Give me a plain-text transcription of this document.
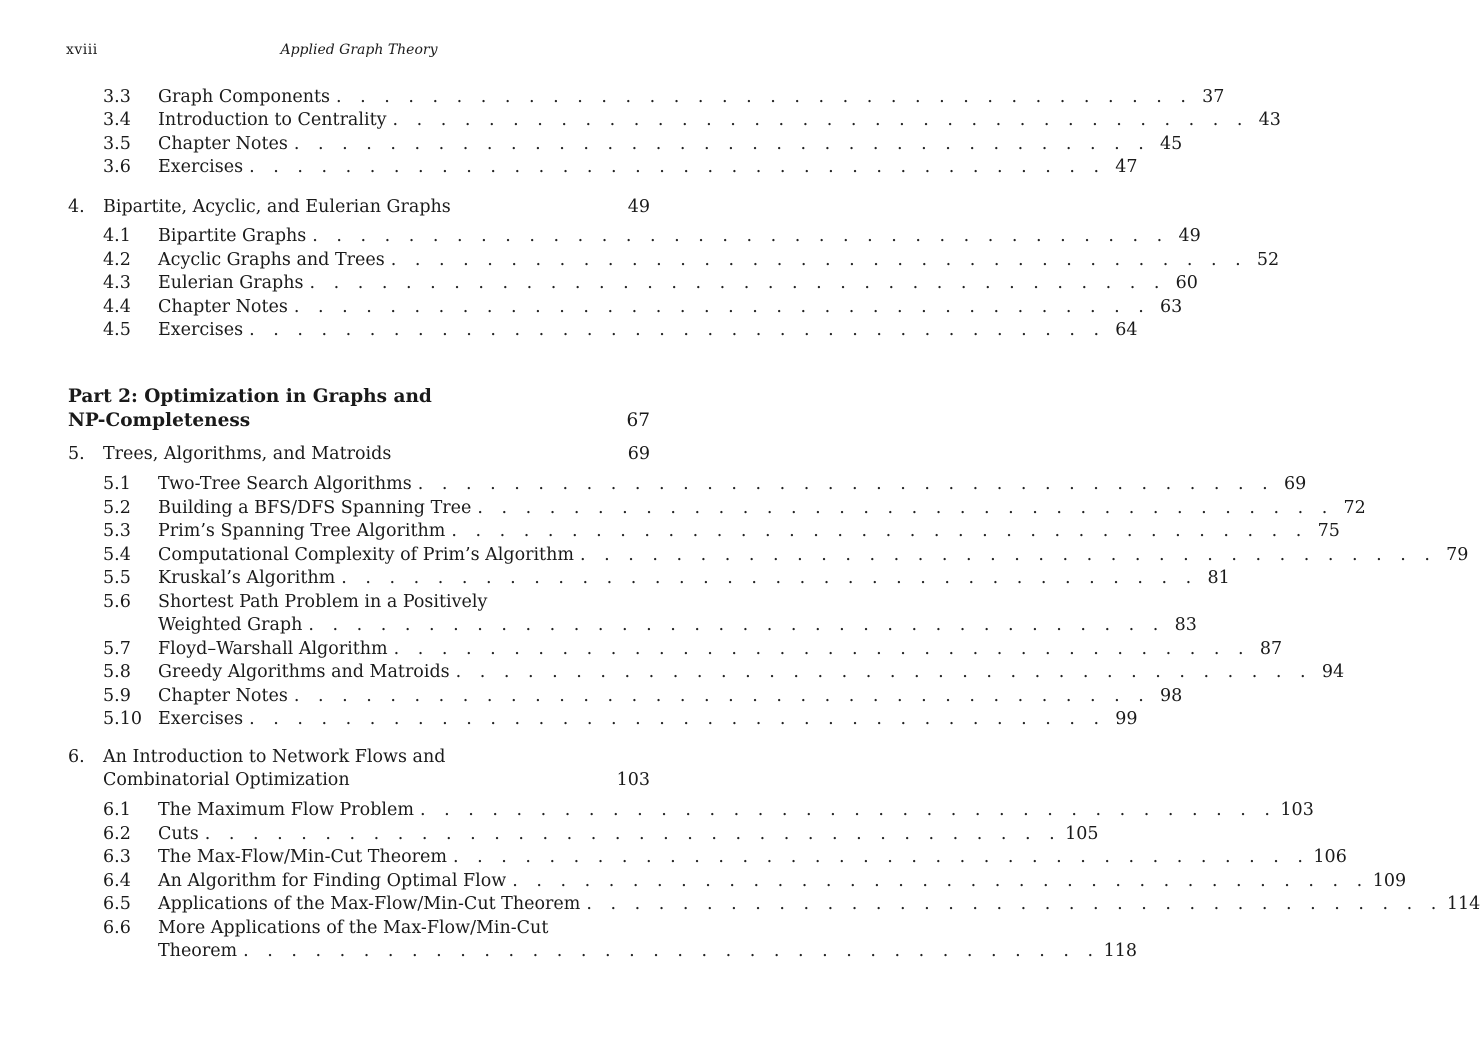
xviii	Applied Graph Theory
3.3 Graph Components . . . . . . . . . . . . . . . . . . . . . . . . . . . . . . . . . . . . 37
3.4 Introduction to Centrality . . . . . . . . . . . . . . . . . . . . . . . . . . . . . . . . . . . . 43
3.5 Chapter Notes . . . . . . . . . . . . . . . . . . . . . . . . . . . . . . . . . . . . 45
3.6 Exercises . . . . . . . . . . . . . . . . . . . . . . . . . . . . . . . . . . . . 47
4. Bipartite, Acyclic, and Eulerian Graphs	49
4.1 Bipartite Graphs . . . . . . . . . . . . . . . . . . . . . . . . . . . . . . . . . . . . 49
4.2 Acyclic Graphs and Trees . . . . . . . . . . . . . . . . . . . . . . . . . . . . . . . . . . . . 52
4.3 Eulerian Graphs . . . . . . . . . . . . . . . . . . . . . . . . . . . . . . . . . . . . 60
4.4 Chapter Notes . . . . . . . . . . . . . . . . . . . . . . . . . . . . . . . . . . . . 63
4.5 Exercises . . . . . . . . . . . . . . . . . . . . . . . . . . . . . . . . . . . . 64
Part 2: Optimization in Graphs and
NP-Completeness	67
5. Trees, Algorithms, and Matroids	69
5.1 Two-Tree Search Algorithms . . . . . . . . . . . . . . . . . . . . . . . . . . . . . . . . . . . . 69
5.2 Building a BFS/DFS Spanning Tree . . . . . . . . . . . . . . . . . . . . . . . . . . . . . . . . . . . . 72
5.3 Prim’s Spanning Tree Algorithm . . . . . . . . . . . . . . . . . . . . . . . . . . . . . . . . . . . . 75
5.4 Computational Complexity of Prim’s Algorithm . . . . . . . . . . . . . . . . . . . . . . . . . . . . . . . . . . . . 79
5.5 Kruskal’s Algorithm . . . . . . . . . . . . . . . . . . . . . . . . . . . . . . . . . . . . 81
5.6 Shortest Path Problem in a Positively
Weighted Graph . . . . . . . . . . . . . . . . . . . . . . . . . . . . . . . . . . . . 83
5.7 Floyd–Warshall Algorithm . . . . . . . . . . . . . . . . . . . . . . . . . . . . . . . . . . . . 87
5.8 Greedy Algorithms and Matroids . . . . . . . . . . . . . . . . . . . . . . . . . . . . . . . . . . . . 94
5.9 Chapter Notes . . . . . . . . . . . . . . . . . . . . . . . . . . . . . . . . . . . . 98
5.10 Exercises . . . . . . . . . . . . . . . . . . . . . . . . . . . . . . . . . . . . 99
6. An Introduction to Network Flows and
Combinatorial Optimization	103
6.1 The Maximum Flow Problem . . . . . . . . . . . . . . . . . . . . . . . . . . . . . . . . . . . . 103
6.2 Cuts . . . . . . . . . . . . . . . . . . . . . . . . . . . . . . . . . . . . 105
6.3 The Max-Flow/Min-Cut Theorem . . . . . . . . . . . . . . . . . . . . . . . . . . . . . . . . . . . . 106
6.4 An Algorithm for Finding Optimal Flow . . . . . . . . . . . . . . . . . . . . . . . . . . . . . . . . . . . . 109
6.5 Applications of the Max-Flow/Min-Cut Theorem . . . . . . . . . . . . . . . . . . . . . . . . . . . . . . . . . . . . 114
6.6 More Applications of the Max-Flow/Min-Cut
Theorem . . . . . . . . . . . . . . . . . . . . . . . . . . . . . . . . . . . . 118
